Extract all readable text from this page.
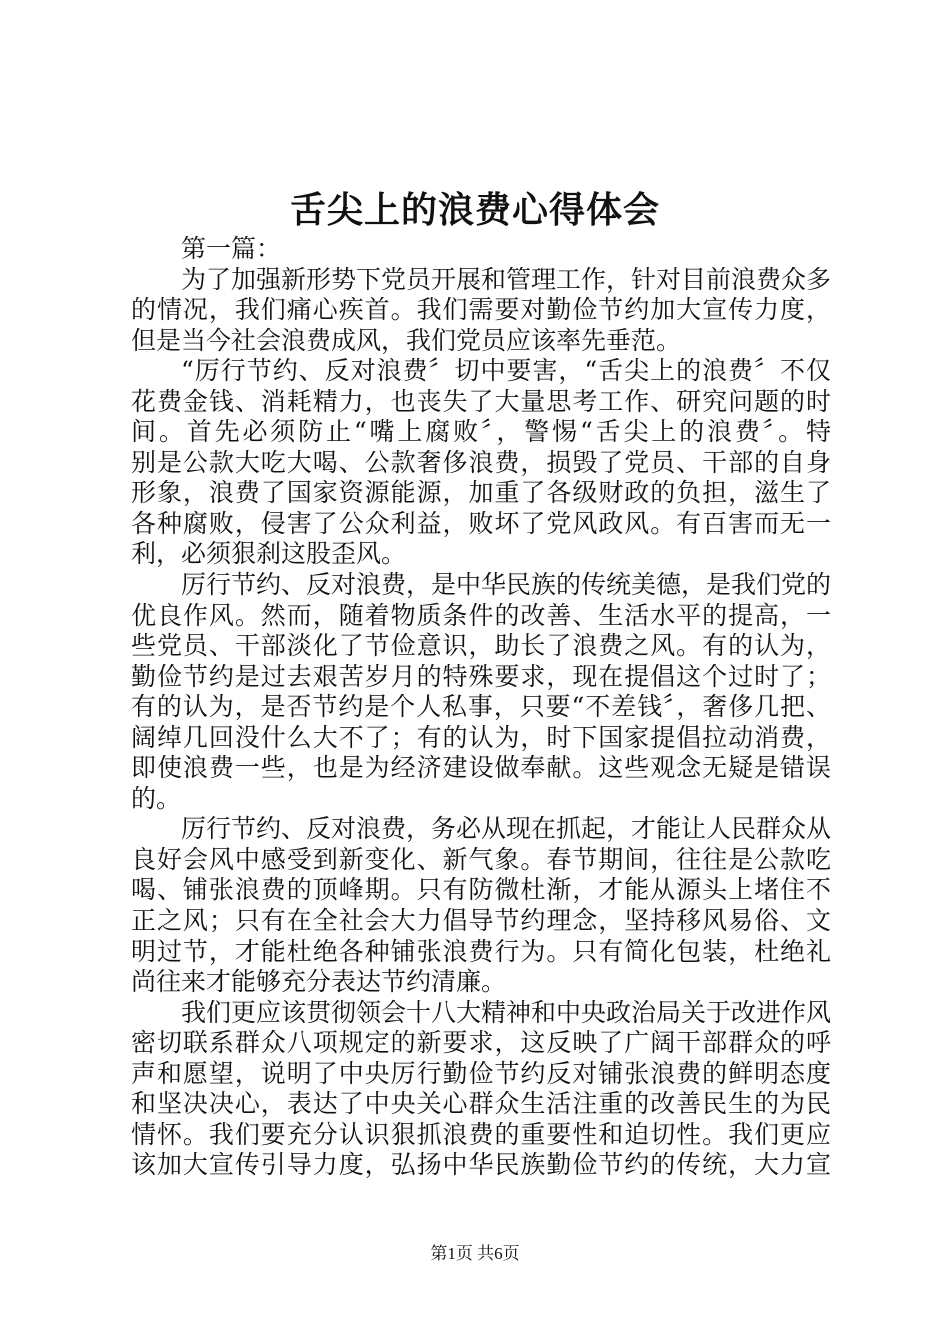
舌尖上的浪费心得体会
第一篇：
为了加强新形势下党员开展和管理工作，针对目前浪费众多
的情况，我们痛心疾首。我们需要对勤俭节约加大宣传力度，
但是当今社会浪费成风，我们党员应该率先垂范。
“厉行节约、反对浪费〞切中要害，“舌尖上的浪费〞不仅
花费金钱、消耗精力，也丧失了大量思考工作、研究问题的时
间。首先必须防止“嘴上腐败〞，警惕“舌尖上的浪费〞。特
别是公款大吃大喝、公款奢侈浪费，损毁了党员、干部的自身
形象，浪费了国家资源能源，加重了各级财政的负担，滋生了
各种腐败，侵害了公众利益，败坏了党风政风。有百害而无一
利，必须狠刹这股歪风。
厉行节约、反对浪费，是中华民族的传统美德，是我们党的
优良作风。然而，随着物质条件的改善、生活水平的提高，一
些党员、干部淡化了节俭意识，助长了浪费之风。有的认为，
勤俭节约是过去艰苦岁月的特殊要求，现在提倡这个过时了；
有的认为，是否节约是个人私事，只要“不差钱〞，奢侈几把、
阔绰几回没什么大不了；有的认为，时下国家提倡拉动消费，
即使浪费一些，也是为经济建设做奉献。这些观念无疑是错误
的。
厉行节约、反对浪费，务必从现在抓起，才能让人民群众从
良好会风中感受到新变化、新气象。春节期间，往往是公款吃
喝、铺张浪费的顶峰期。只有防微杜渐，才能从源头上堵住不
正之风；只有在全社会大力倡导节约理念，坚持移风易俗、文
明过节，才能杜绝各种铺张浪费行为。只有简化包装，杜绝礼
尚往来才能够充分表达节约清廉。
我们更应该贯彻领会十八大精神和中央政治局关于改进作风
密切联系群众八项规定的新要求，这反映了广阔干部群众的呼
声和愿望，说明了中央厉行勤俭节约反对铺张浪费的鲜明态度
和坚决决心，表达了中央关心群众生活注重的改善民生的为民
情怀。我们要充分认识狠抓浪费的重要性和迫切性。我们更应
该加大宣传引导力度，弘扬中华民族勤俭节约的传统，大力宣
第1页 共6页
